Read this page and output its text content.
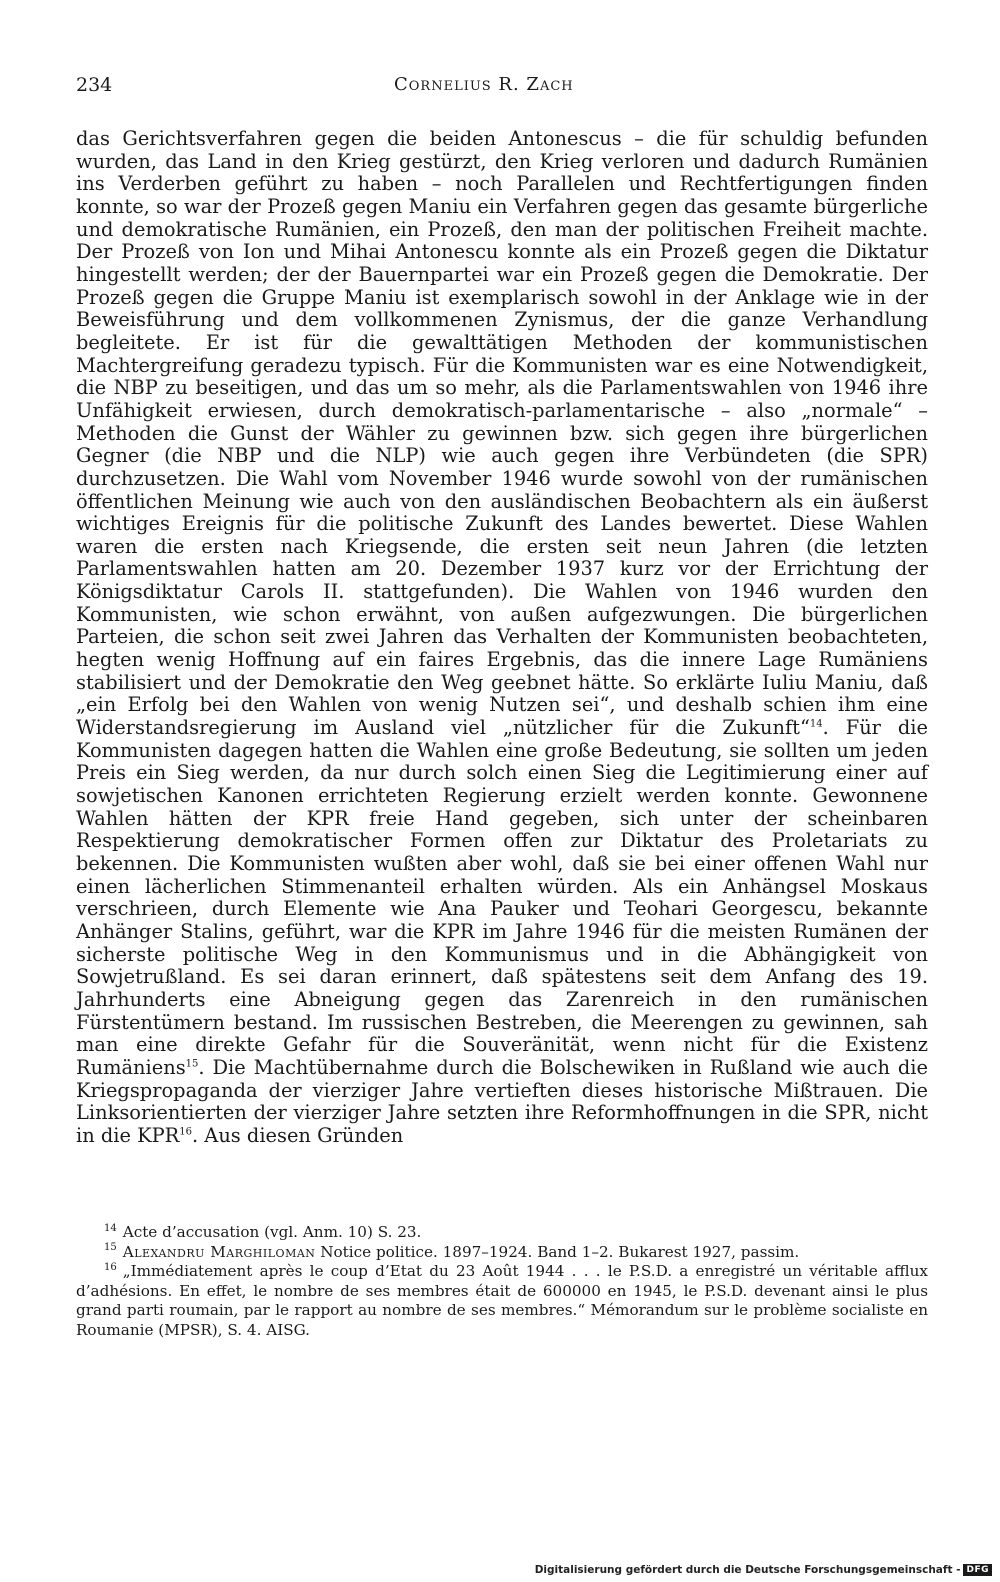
234	Cornelius R. Zach
das Gerichtsverfahren gegen die beiden Antonescus – die für schuldig befunden wurden, das Land in den Krieg gestürzt, den Krieg verloren und dadurch Rumänien ins Verderben geführt zu haben – noch Parallelen und Rechtfertigungen finden konnte, so war der Prozeß gegen Maniu ein Verfahren gegen das gesamte bürgerliche und demokratische Rumänien, ein Prozeß, den man der politischen Freiheit machte. Der Prozeß von Ion und Mihai Antonescu konnte als ein Prozeß gegen die Diktatur hingestellt werden; der der Bauernpartei war ein Prozeß gegen die Demokratie. Der Prozeß gegen die Gruppe Maniu ist exemplarisch sowohl in der Anklage wie in der Beweisführung und dem vollkommenen Zynismus, der die ganze Verhandlung begleitete. Er ist für die gewalttätigen Methoden der kommunistischen Machtergreifung geradezu typisch. Für die Kommunisten war es eine Notwendigkeit, die NBP zu beseitigen, und das um so mehr, als die Parlamentswahlen von 1946 ihre Unfähigkeit erwiesen, durch demokratisch-parlamentarische – also „normale“ – Methoden die Gunst der Wähler zu gewinnen bzw. sich gegen ihre bürgerlichen Gegner (die NBP und die NLP) wie auch gegen ihre Verbündeten (die SPR) durchzusetzen. Die Wahl vom November 1946 wurde sowohl von der rumänischen öffentlichen Meinung wie auch von den ausländischen Beobachtern als ein äußerst wichtiges Ereignis für die politische Zukunft des Landes bewertet. Diese Wahlen waren die ersten nach Kriegsende, die ersten seit neun Jahren (die letzten Parlamentswahlen hatten am 20. Dezember 1937 kurz vor der Errichtung der Königsdiktatur Carols II. stattgefunden). Die Wahlen von 1946 wurden den Kommunisten, wie schon erwähnt, von außen aufgezwungen. Die bürgerlichen Parteien, die schon seit zwei Jahren das Verhalten der Kommunisten beobachteten, hegten wenig Hoffnung auf ein faires Ergebnis, das die innere Lage Rumäniens stabilisiert und der Demokratie den Weg geebnet hätte. So erklärte Iuliu Maniu, daß „ein Erfolg bei den Wahlen von wenig Nutzen sei“, und deshalb schien ihm eine Widerstandsregierung im Ausland viel „nützlicher für die Zukunft“$^{14}$. Für die Kommunisten dagegen hatten die Wahlen eine große Bedeutung, sie sollten um jeden Preis ein Sieg werden, da nur durch solch einen Sieg die Legitimierung einer auf sowjetischen Kanonen errichteten Regierung erzielt werden konnte. Gewonnene Wahlen hätten der KPR freie Hand gegeben, sich unter der scheinbaren Respektierung demokratischer Formen offen zur Diktatur des Proletariats zu bekennen. Die Kommunisten wußten aber wohl, daß sie bei einer offenen Wahl nur einen lächerlichen Stimmenanteil erhalten würden. Als ein Anhängsel Moskaus verschrieen, durch Elemente wie Ana Pauker und Teohari Georgescu, bekannte Anhänger Stalins, geführt, war die KPR im Jahre 1946 für die meisten Rumänen der sicherste politische Weg in den Kommunismus und in die Abhängigkeit von Sowjetrußland. Es sei daran erinnert, daß spätestens seit dem Anfang des 19. Jahrhunderts eine Abneigung gegen das Zarenreich in den rumänischen Fürstentümern bestand. Im russischen Bestreben, die Meerengen zu gewinnen, sah man eine direkte Gefahr für die Souveränität, wenn nicht für die Existenz Rumäniens$^{15}$. Die Machtübernahme durch die Bolschewiken in Rußland wie auch die Kriegspropaganda der vierziger Jahre vertieften dieses historische Mißtrauen. Die Linksorientierten der vierziger Jahre setzten ihre Reformhoffnungen in die SPR, nicht in die KPR$^{16}$. Aus diesen Gründen
$^{14}$ Acte d’accusation (vgl. Anm. 10) S. 23.
$^{15}$ Alexandru Marghiloman Notice politice. 1897–1924. Band 1–2. Bukarest 1927, passim.
$^{16}$ „Immédiatement après le coup d’Etat du 23 Août 1944 . . . le P.S.D. a enregistré un véritable afflux d’adhésions. En effet, le nombre de ses membres était de 600000 en 1945, le P.S.D. devenant ainsi le plus grand parti roumain, par le rapport au nombre de ses membres.“ Mémorandum sur le problème socialiste en Roumanie (MPSR), S. 4. AISG.
Digitalisierung gefördert durch die Deutsche Forschungsgemeinschaft - DFG
